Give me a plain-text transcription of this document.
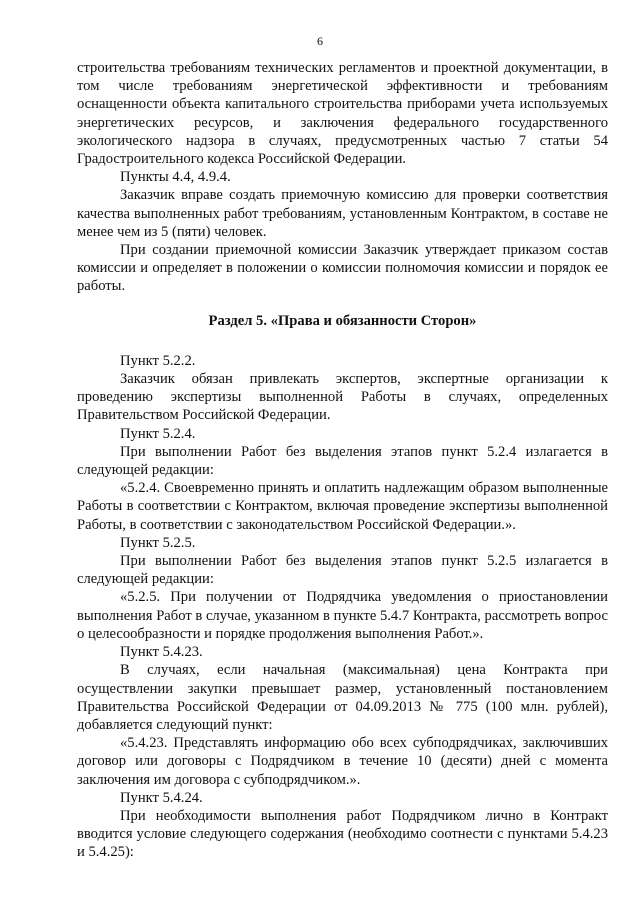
6

строительства требованиям технических регламентов и проектной документации, в том числе требованиям энергетической эффективности и требованиям оснащенности объекта капитального строительства приборами учета используемых энергетических ресурсов, и заключения федерального государственного экологического надзора в случаях, предусмотренных частью 7 статьи 54 Градостроительного кодекса Российской Федерации.

Пункты 4.4, 4.9.4.

Заказчик вправе создать приемочную комиссию для проверки соответствия качества выполненных работ требованиям, установленным Контрактом, в составе не менее чем из 5 (пяти) человек.

При создании приемочной комиссии Заказчик утверждает приказом состав комиссии и определяет в положении о комиссии полномочия комиссии и порядок ее работы.

Раздел 5. «Права и обязанности Сторон»

Пункт 5.2.2.

Заказчик обязан привлекать экспертов, экспертные организации к проведению экспертизы выполненной Работы в случаях, определенных Правительством Российской Федерации.

Пункт 5.2.4.

При выполнении Работ без выделения этапов пункт 5.2.4 излагается в следующей редакции:

«5.2.4. Своевременно принять и оплатить надлежащим образом выполненные Работы в соответствии с Контрактом, включая проведение экспертизы выполненной Работы, в соответствии с законодательством Российской Федерации.».

Пункт 5.2.5.

При выполнении Работ без выделения этапов пункт 5.2.5 излагается в следующей редакции:

«5.2.5. При получении от Подрядчика уведомления о приостановлении выполнения Работ в случае, указанном в пункте 5.4.7 Контракта, рассмотреть вопрос о целесообразности и порядке продолжения выполнения Работ.».

Пункт 5.4.23.

В случаях, если начальная (максимальная) цена Контракта при осуществлении закупки превышает размер, установленный постановлением Правительства Российской Федерации от 04.09.2013 № 775 (100 млн. рублей), добавляется следующий пункт:

«5.4.23. Представлять информацию обо всех субподрядчиках, заключивших договор или договоры с Подрядчиком в течение 10 (десяти) дней с момента заключения им договора с субподрядчиком.».

Пункт 5.4.24.

При необходимости выполнения работ Подрядчиком лично в Контракт вводится условие следующего содержания (необходимо соотнести с пунктами 5.4.23 и 5.4.25):
